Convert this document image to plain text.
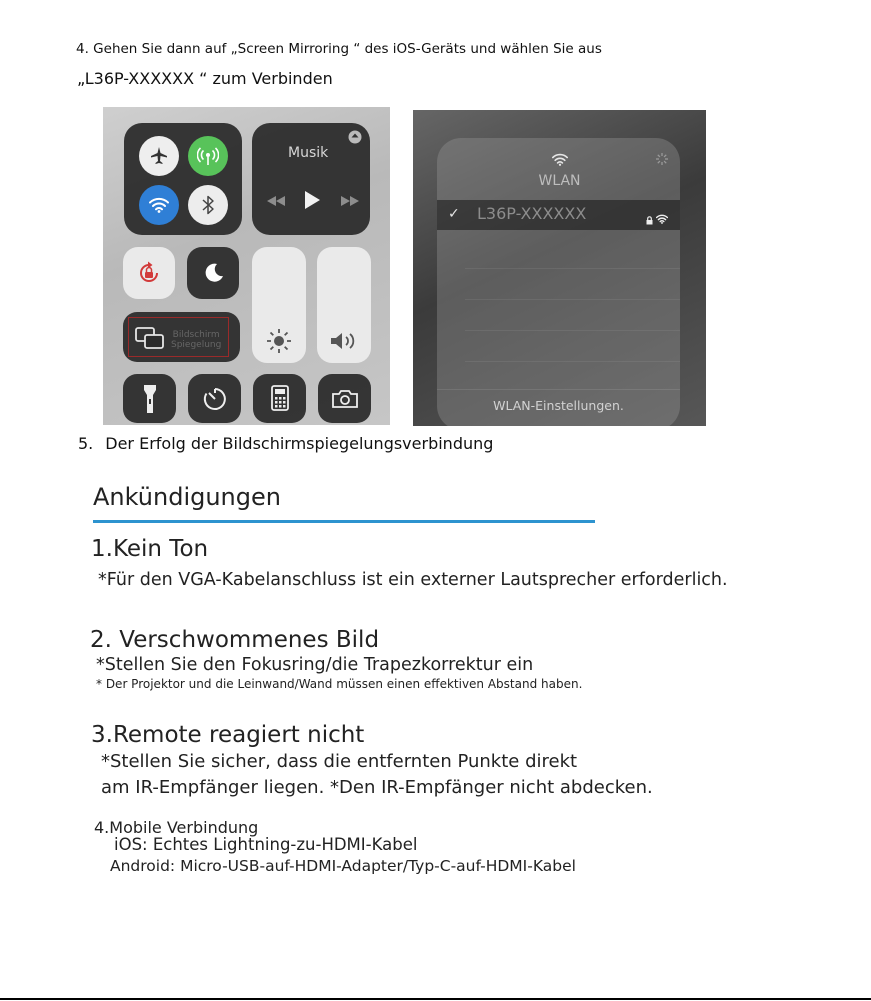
4. Gehen Sie dann auf „Screen Mirroring “ des iOS-Geräts und wählen Sie aus
„L36P-XXXXXX “ zum Verbinden
Musik
Bildschirm
Spiegelung
WLAN
✓ L36P-XXXXXX
WLAN-Einstellungen.
5. Der Erfolg der Bildschirmspiegelungsverbindung
Ankündigungen
1.Kein Ton
*Für den VGA-Kabelanschluss ist ein externer Lautsprecher erforderlich.
2. Verschwommenes Bild
*Stellen Sie den Fokusring/die Trapezkorrektur ein
* Der Projektor und die Leinwand/Wand müssen einen effektiven Abstand haben.
3.Remote reagiert nicht
*Stellen Sie sicher, dass die entfernten Punkte direkt
am IR-Empfänger liegen. *Den IR-Empfänger nicht abdecken.
4.Mobile Verbindung
iOS: Echtes Lightning-zu-HDMI-Kabel
Android: Micro-USB-auf-HDMI-Adapter/Typ-C-auf-HDMI-Kabel
